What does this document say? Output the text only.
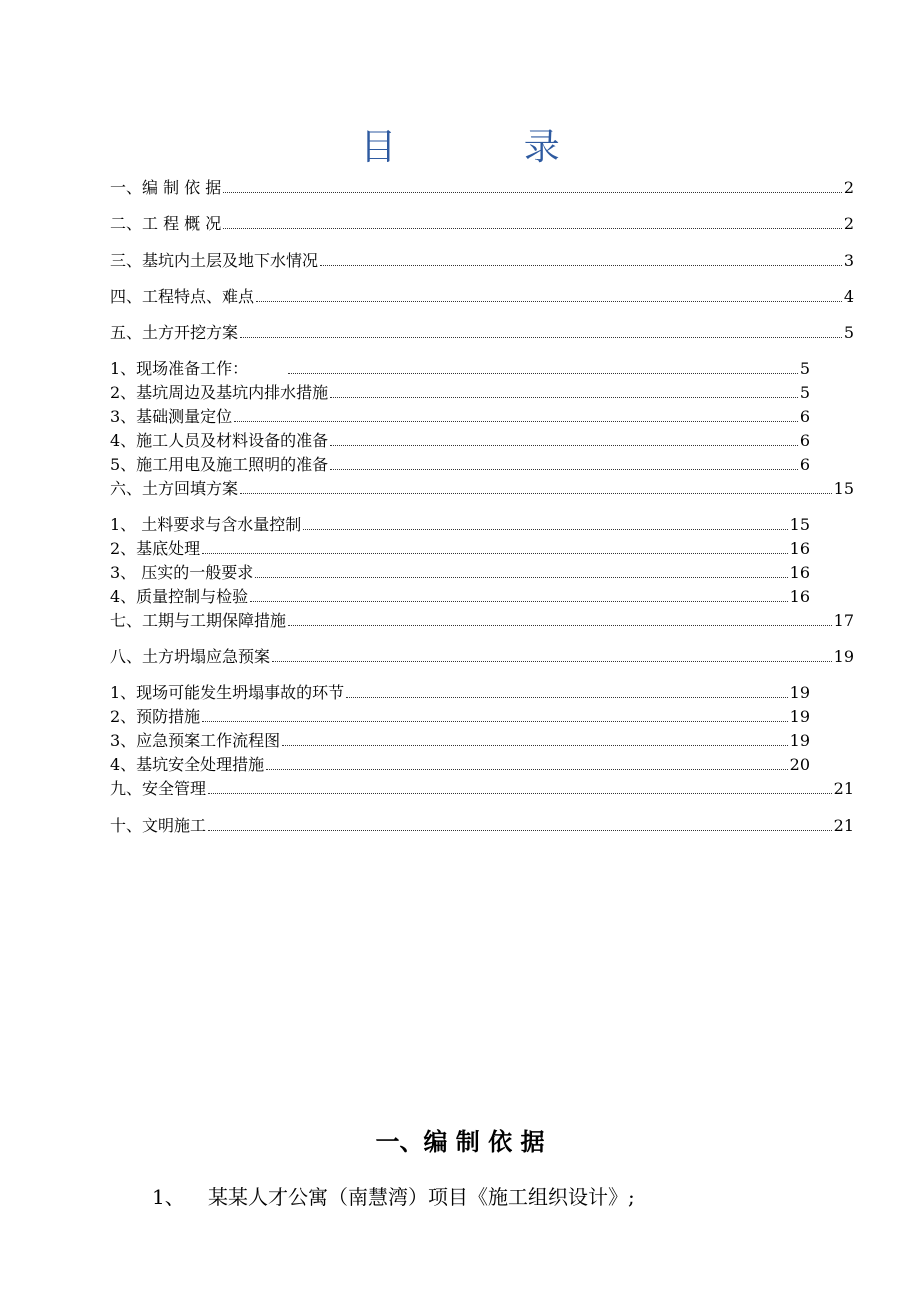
目 录
一、编 制 依 据	2
二、工 程 概 况	2
三、基坑内土层及地下水情况	3
四、工程特点、难点	4
五、土方开挖方案	5
1、现场准备工作：	5
2、基坑周边及基坑内排水措施	5
3、基础测量定位	6
4、施工人员及材料设备的准备	6
5、施工用电及施工照明的准备	6
六、土方回填方案	15
1、 土料要求与含水量控制	15
2、基底处理	16
3、 压实的一般要求	16
4、质量控制与检验	16
七、工期与工期保障措施	17
八、土方坍塌应急预案	19
1、现场可能发生坍塌事故的环节	19
2、预防措施	19
3、应急预案工作流程图	19
4、基坑安全处理措施	20
九、安全管理	21
十、文明施工	21
一、编 制 依 据
1、 某某人才公寓（南慧湾）项目《施工组织设计》;
